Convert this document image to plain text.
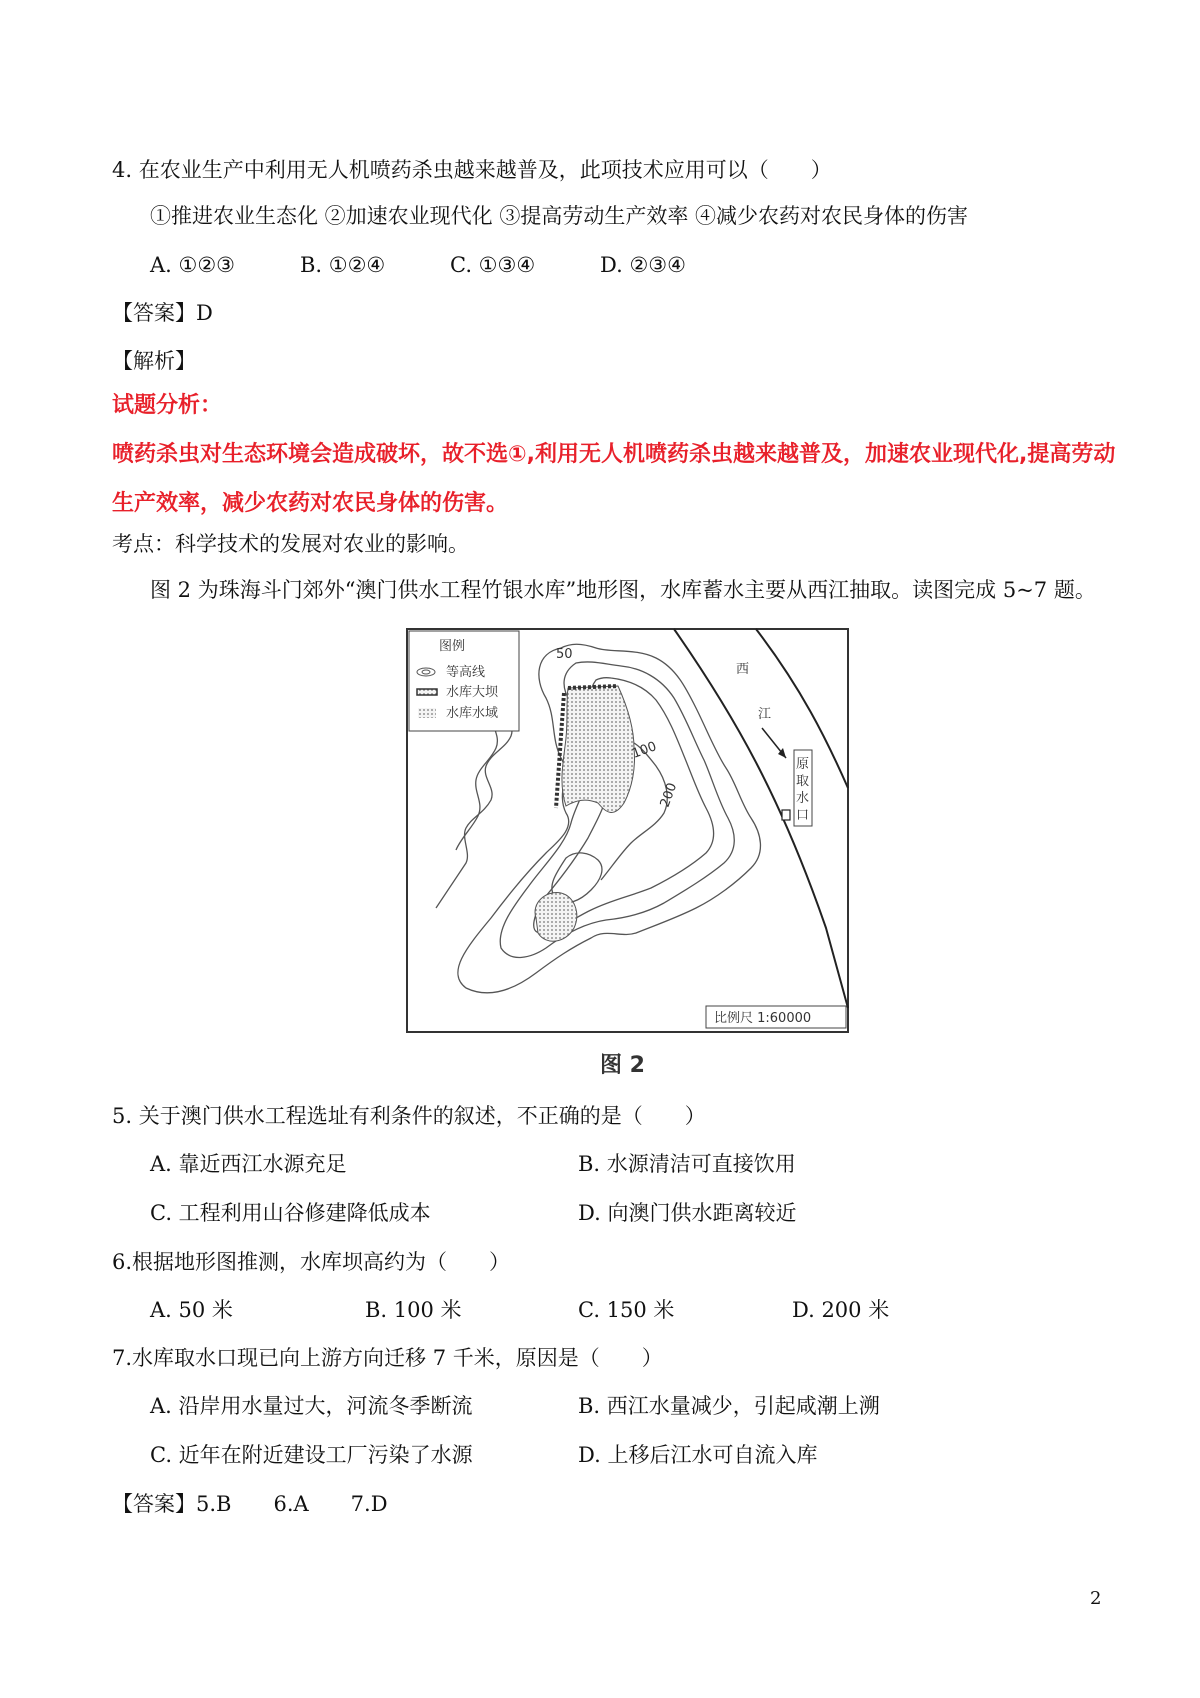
4. 在农业生产中利用无人机喷药杀虫越来越普及，此项技术应用可以（　　）
①推进农业生态化 ②加速农业现代化 ③提高劳动生产效率 ④减少农药对农民身体的伤害
A. ①②③	B. ①②④	C. ①③④	D. ②③④
【答案】D
【解析】
试题分析：
喷药杀虫对生态环境会造成破坏，故不选①,利用无人机喷药杀虫越来越普及，加速农业现代化,提高劳动
生产效率，减少农药对农民身体的伤害。
考点：科学技术的发展对农业的影响。
图 2 为珠海斗门郊外“澳门供水工程竹银水库”地形图，水库蓄水主要从西江抽取。读图完成 5~7 题。
50
100
200
西
江
原
取
水
口
图例
等高线
水库大坝
水库水域
比例尺 1:60000
图 2
5. 关于澳门供水工程选址有利条件的叙述，不正确的是（　　）
A. 靠近西江水源充足	B. 水源清洁可直接饮用
C. 工程利用山谷修建降低成本	D. 向澳门供水距离较近
6.根据地形图推测，水库坝高约为（　　）
A. 50 米	B. 100 米	C. 150 米	D. 200 米
7.水库取水口现已向上游方向迁移 7 千米，原因是（　　）
A. 沿岸用水量过大，河流冬季断流	B. 西江水量减少，引起咸潮上溯
C. 近年在附近建设工厂污染了水源	D. 上移后江水可自流入库
【答案】5.B　　6.A　　7.D
2
